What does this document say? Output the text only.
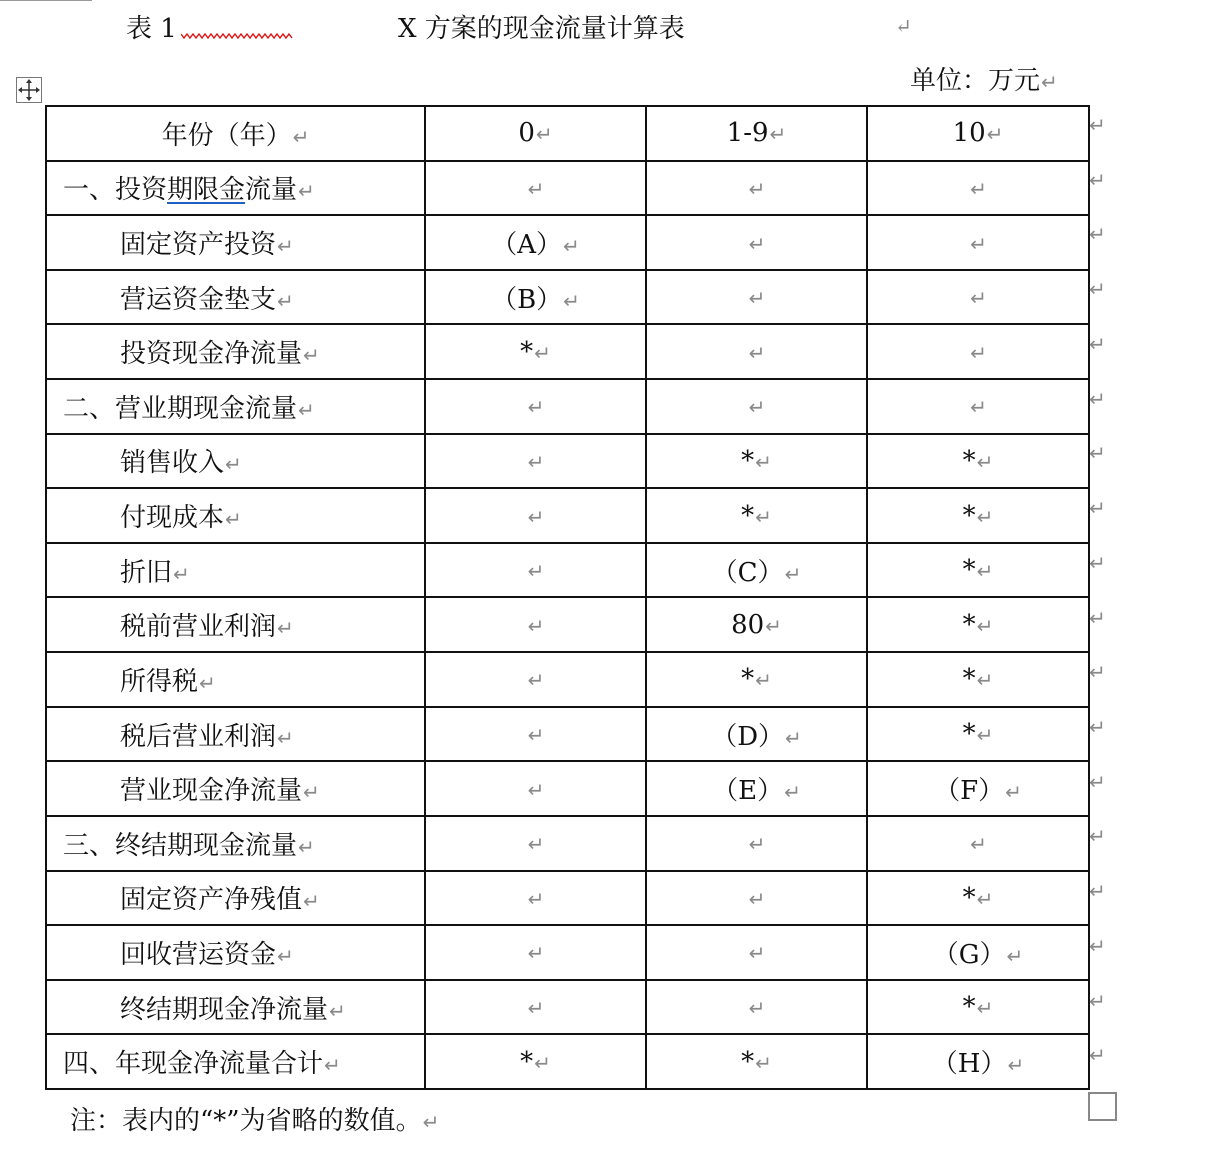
表 1	X 方案的现金流量计算表	↵
单位：万元↵
年份（年）↵	0↵	1-9↵	10↵
一、投资期限金流量↵	↵	↵	↵
固定资产投资↵	（A）↵	↵	↵
营运资金垫支↵	（B）↵	↵	↵
投资现金净流量↵	*↵	↵	↵
二、营业期现金流量↵	↵	↵	↵
销售收入↵	↵	*↵	*↵
付现成本↵	↵	*↵	*↵
折旧↵	↵	（C）↵	*↵
税前营业利润↵	↵	80↵	*↵
所得税↵	↵	*↵	*↵
税后营业利润↵	↵	（D）↵	*↵
营业现金净流量↵	↵	（E）↵	（F）↵
三、终结期现金流量↵	↵	↵	↵
固定资产净残值↵	↵	↵	*↵
回收营运资金↵	↵	↵	（G）↵
终结期现金净流量↵	↵	↵	*↵
四、年现金净流量合计↵	*↵	*↵	（H）↵
↵
↵
↵
↵
↵
↵
↵
↵
↵
↵
↵
↵
↵
↵
↵
↵
↵
↵
注：表内的“*”为省略的数值。↵
